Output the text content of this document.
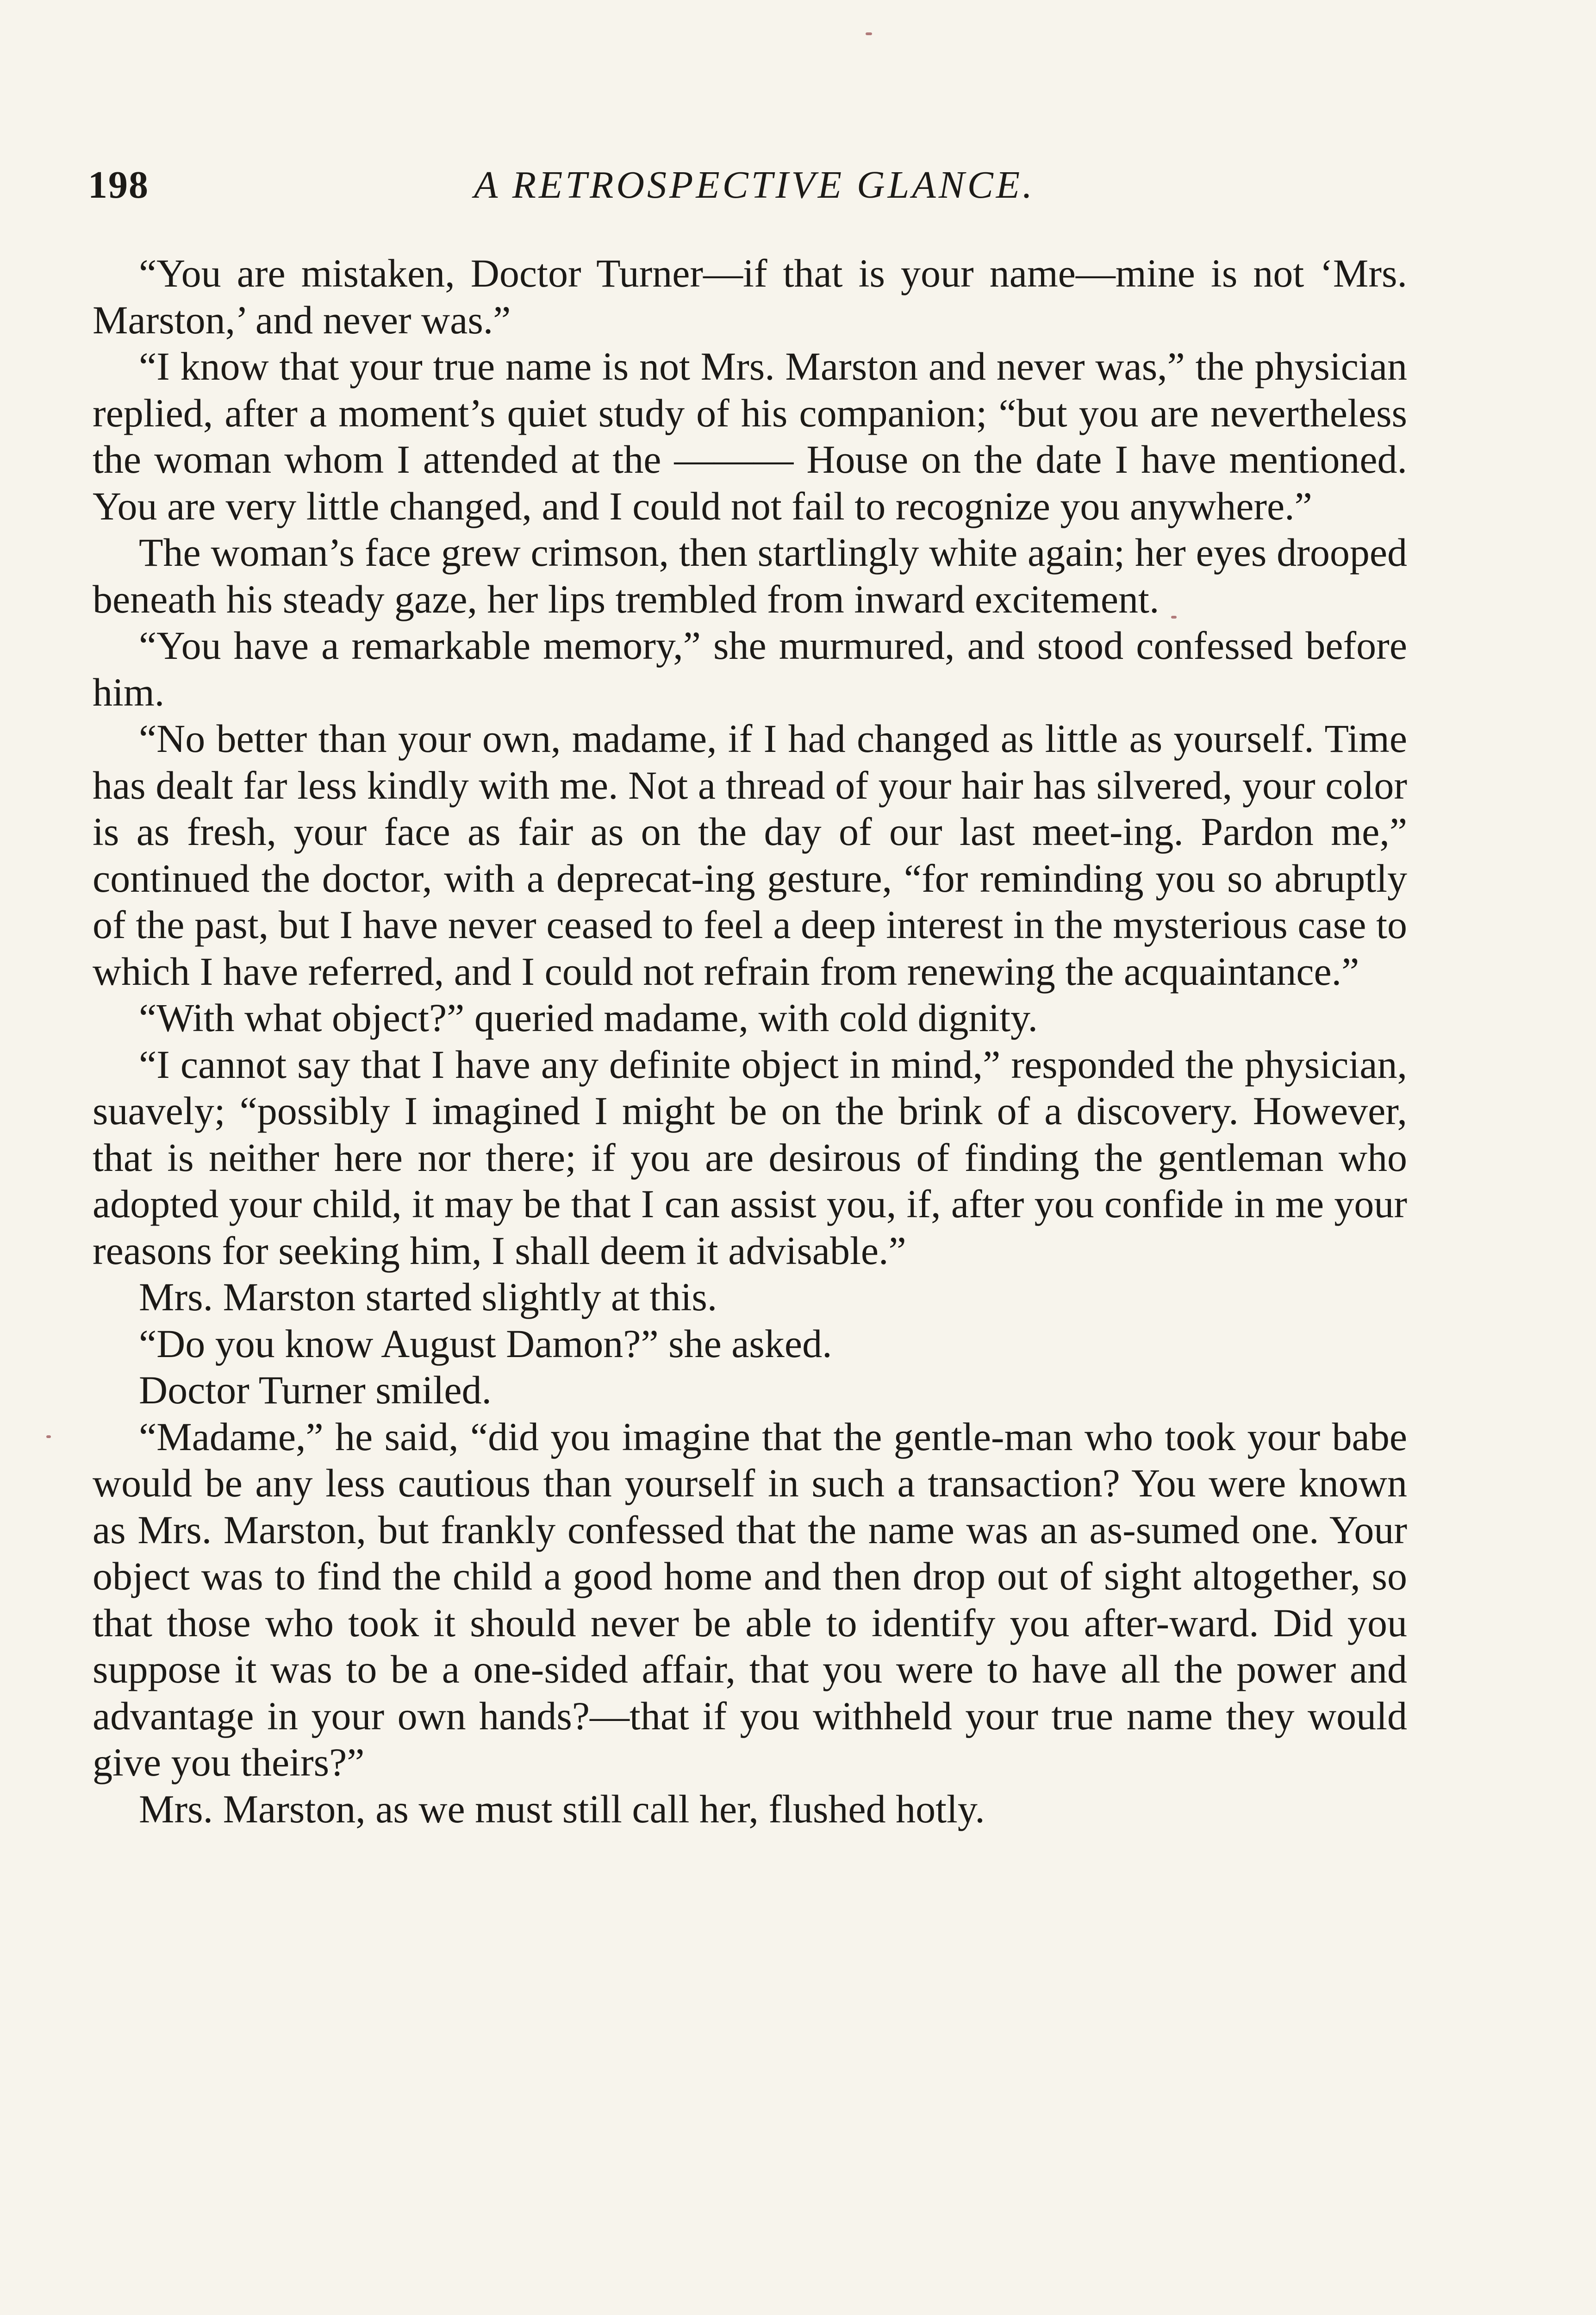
A RETROSPECTIVE GLANCE.
198

“You are mistaken, Doctor Turner—if that is your name—mine is not ‘Mrs. Marston,’ and never was.”

“I know that your true name is not Mrs. Marston and never was,” the physician replied, after a moment’s quiet study of his companion; “but you are nevertheless the woman whom I attended at the ——— House on the date I have mentioned. You are very little changed, and I could not fail to recognize you anywhere.”

The woman’s face grew crimson, then startlingly white again; her eyes drooped beneath his steady gaze, her lips trembled from inward excitement.

“You have a remarkable memory,” she murmured, and stood confessed before him.

“No better than your own, madame, if I had changed as little as yourself. Time has dealt far less kindly with me. Not a thread of your hair has silvered, your color is as fresh, your face as fair as on the day of our last meet-ing. Pardon me,” continued the doctor, with a deprecat-ing gesture, “for reminding you so abruptly of the past, but I have never ceased to feel a deep interest in the mysterious case to which I have referred, and I could not refrain from renewing the acquaintance.”

“With what object?” queried madame, with cold dignity.

“I cannot say that I have any definite object in mind,” responded the physician, suavely; “possibly I imagined I might be on the brink of a discovery. However, that is neither here nor there; if you are desirous of finding the gentleman who adopted your child, it may be that I can assist you, if, after you confide in me your reasons for seeking him, I shall deem it advisable.”

Mrs. Marston started slightly at this.

“Do you know August Damon?” she asked.

Doctor Turner smiled.

“Madame,” he said, “did you imagine that the gentle-man who took your babe would be any less cautious than yourself in such a transaction? You were known as Mrs. Marston, but frankly confessed that the name was an as-sumed one. Your object was to find the child a good home and then drop out of sight altogether, so that those who took it should never be able to identify you after-ward. Did you suppose it was to be a one-sided affair, that you were to have all the power and advantage in your own hands?—that if you withheld your true name they would give you theirs?”

Mrs. Marston, as we must still call her, flushed hotly.
